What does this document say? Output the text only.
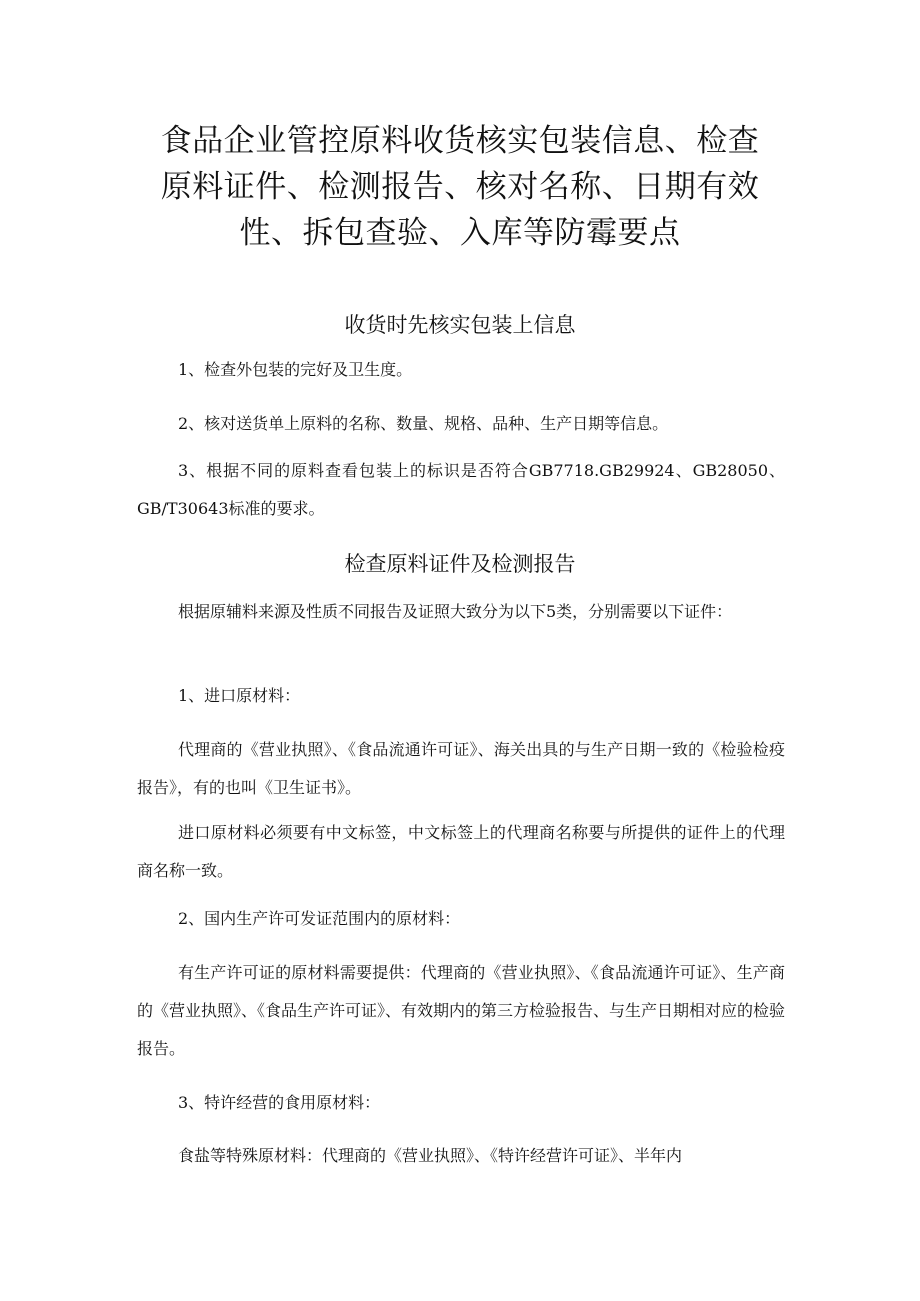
食品企业管控原料收货核实包装信息、检查原料证件、检测报告、核对名称、日期有效性、拆包查验、入库等防霉要点
收货时先核实包装上信息

1、检查外包装的完好及卫生度。

2、核对送货单上原料的名称、数量、规格、品种、生产日期等信息。

3、根据不同的原料查看包装上的标识是否符合GB7718.GB29924、GB28050、GB/T30643标准的要求。

检查原料证件及检测报告

根据原辅料来源及性质不同报告及证照大致分为以下5类，分别需要以下证件：

1、进口原材料：

代理商的《营业执照》、《食品流通许可证》、海关出具的与生产日期一致的《检验检疫报告》，有的也叫《卫生证书》。

进口原材料必须要有中文标签，中文标签上的代理商名称要与所提供的证件上的代理商名称一致。

2、国内生产许可发证范围内的原材料：

有生产许可证的原材料需要提供：代理商的《营业执照》、《食品流通许可证》、生产商的《营业执照》、《食品生产许可证》、有效期内的第三方检验报告、与生产日期相对应的检验报告。

3、特许经营的食用原材料：

食盐等特殊原材料：代理商的《营业执照》、《特许经营许可证》、半年内
